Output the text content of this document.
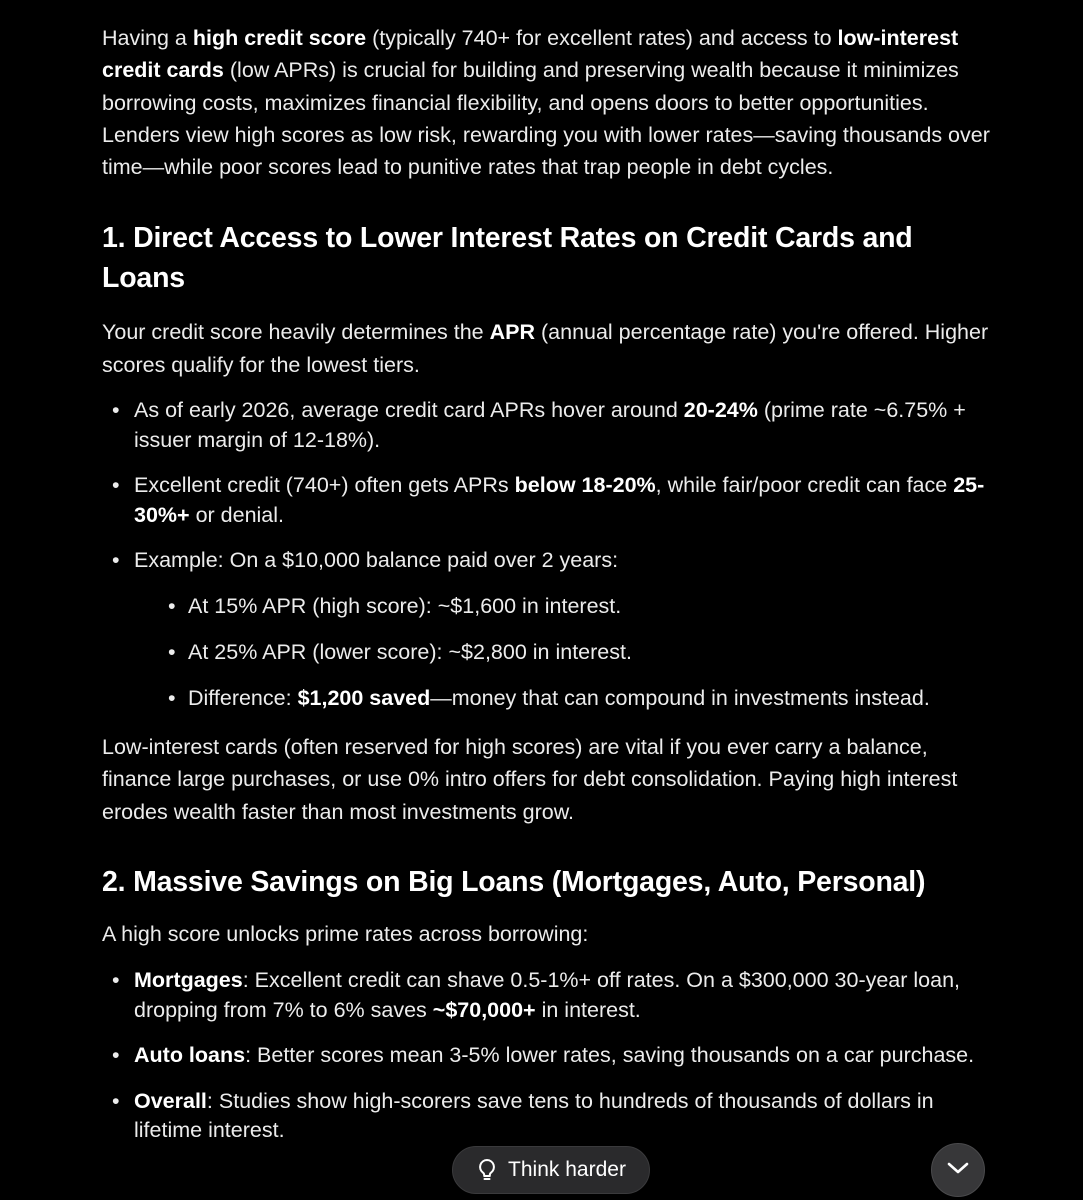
Having a high credit score (typically 740+ for excellent rates) and access to low-interest credit cards (low APRs) is crucial for building and preserving wealth because it minimizes borrowing costs, maximizes financial flexibility, and opens doors to better opportunities. Lenders view high scores as low risk, rewarding you with lower rates—saving thousands over time—while poor scores lead to punitive rates that trap people in debt cycles.

1. Direct Access to Lower Interest Rates on Credit Cards and Loans

Your credit score heavily determines the APR (annual percentage rate) you're offered. Higher scores qualify for the lowest tiers.

• As of early 2026, average credit card APRs hover around 20-24% (prime rate ~6.75% + issuer margin of 12-18%).
• Excellent credit (740+) often gets APRs below 18-20%, while fair/poor credit can face 25-30%+ or denial.
• Example: On a $10,000 balance paid over 2 years:
• At 15% APR (high score): ~$1,600 in interest.
• At 25% APR (lower score): ~$2,800 in interest.
• Difference: $1,200 saved—money that can compound in investments instead.

Low-interest cards (often reserved for high scores) are vital if you ever carry a balance, finance large purchases, or use 0% intro offers for debt consolidation. Paying high interest erodes wealth faster than most investments grow.

2. Massive Savings on Big Loans (Mortgages, Auto, Personal)

A high score unlocks prime rates across borrowing:

• Mortgages: Excellent credit can shave 0.5-1%+ off rates. On a $300,000 30-year loan, dropping from 7% to 6% saves ~$70,000+ in interest.
• Auto loans: Better scores mean 3-5% lower rates, saving thousands on a car purchase.
• Overall: Studies show high-scorers save tens to hundreds of thousands of dollars in lifetime interest.
Think harder
